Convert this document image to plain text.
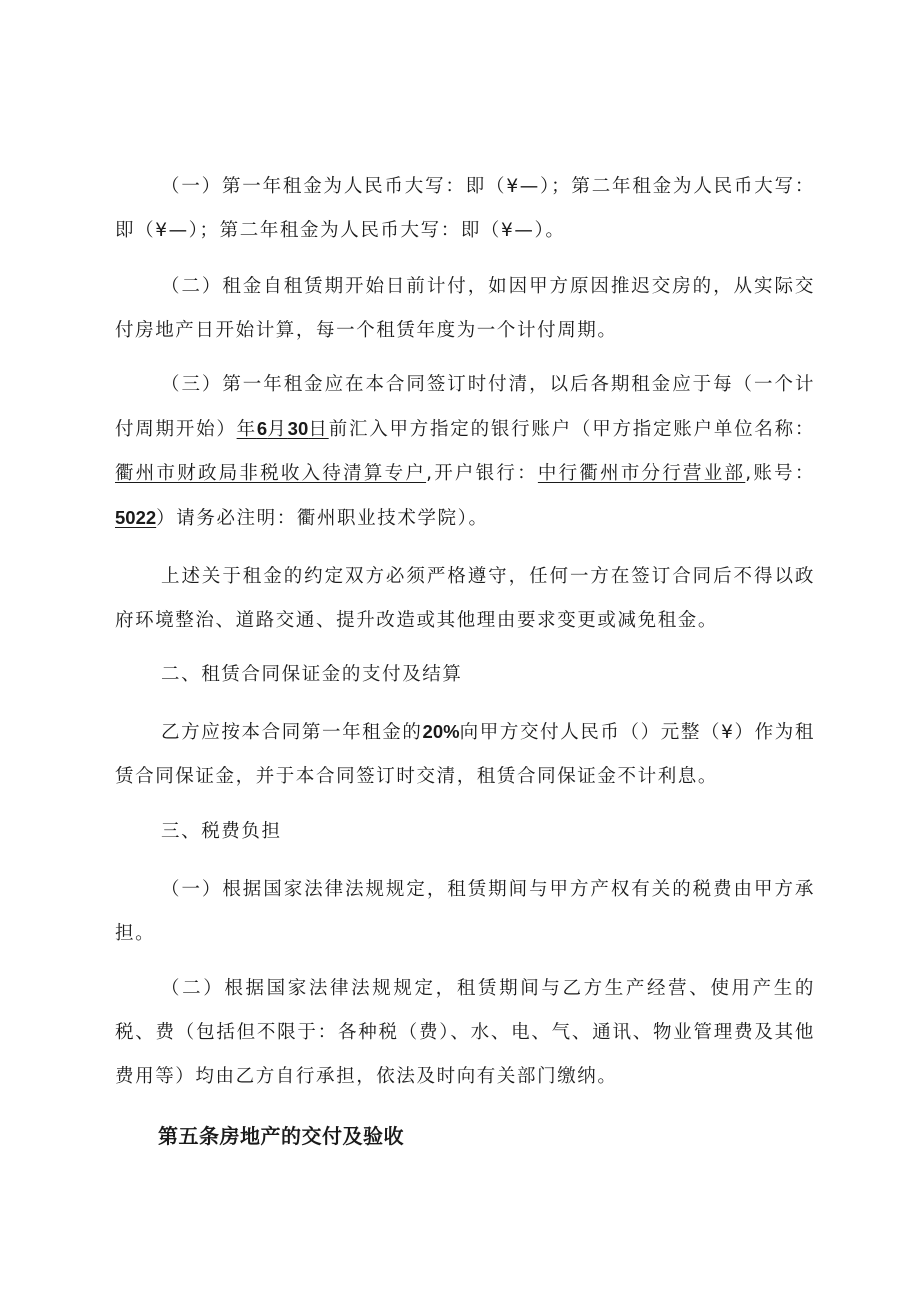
（一）第一年租金为人民币大写：即（¥—）；第二年租金为人民币大写：即（¥—）；第二年租金为人民币大写：即（¥—）。

（二）租金自租赁期开始日前计付，如因甲方原因推迟交房的，从实际交付房地产日开始计算，每一个租赁年度为一个计付周期。

（三）第一年租金应在本合同签订时付清，以后各期租金应于每（一个计付周期开始）年6月30日前汇入甲方指定的银行账户（甲方指定账户单位名称：衢州市财政局非税收入待清算专户,开户银行：中行衢州市分行营业部,账号：5022）请务必注明：衢州职业技术学院）。

上述关于租金的约定双方必须严格遵守，任何一方在签订合同后不得以政府环境整治、道路交通、提升改造或其他理由要求变更或减免租金。

二、租赁合同保证金的支付及结算

乙方应按本合同第一年租金的20%向甲方交付人民币（）元整（¥）作为租赁合同保证金，并于本合同签订时交清，租赁合同保证金不计利息。

三、税费负担

（一）根据国家法律法规规定，租赁期间与甲方产权有关的税费由甲方承担。

（二）根据国家法律法规规定，租赁期间与乙方生产经营、使用产生的税、费（包括但不限于：各种税（费）、水、电、气、通讯、物业管理费及其他费用等）均由乙方自行承担，依法及时向有关部门缴纳。

第五条房地产的交付及验收
